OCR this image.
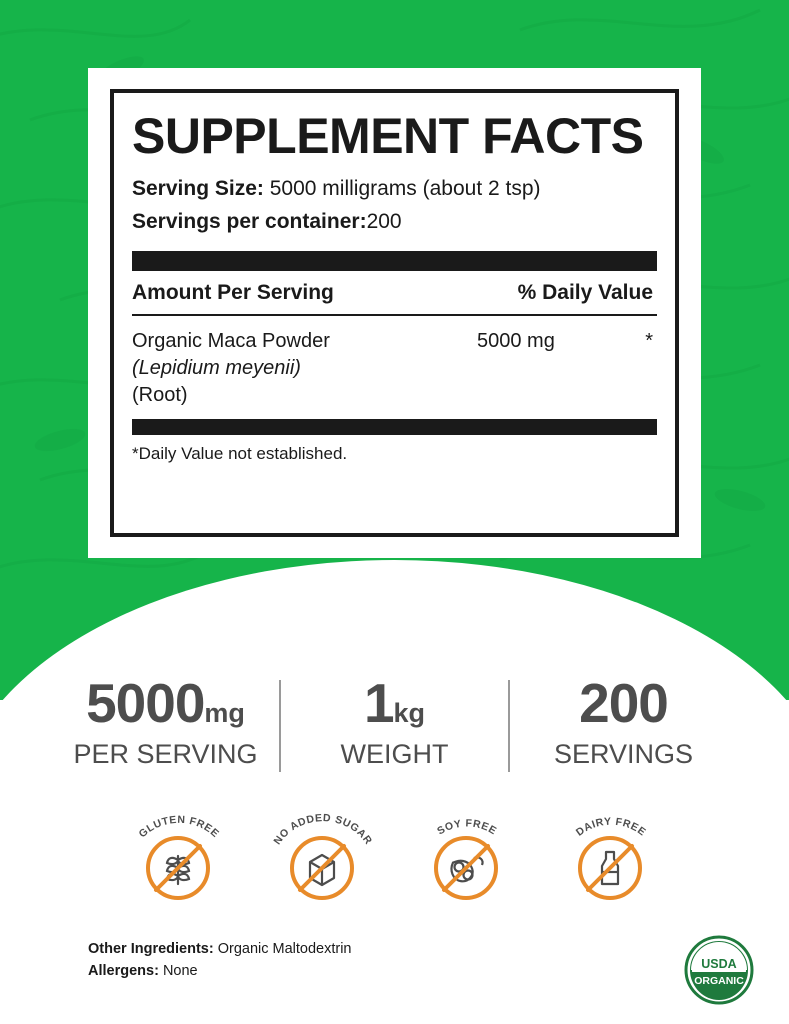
SUPPLEMENT FACTS
Serving Size: 5000 milligrams (about 2 tsp)
Servings per container:200
Amount Per Serving	% Daily Value
Organic Maca Powder
(Lepidium meyenii)
(Root)
5000 mg	*
*Daily Value not established.
5000mg
PER SERVING
1kg
WEIGHT
200
SERVINGS
GLUTEN FREE	NO ADDED SUGAR
SOY FREE	DAIRY FREE
Other Ingredients: Organic Maltodextrin
Allergens: None	USDA
ORGANIC
